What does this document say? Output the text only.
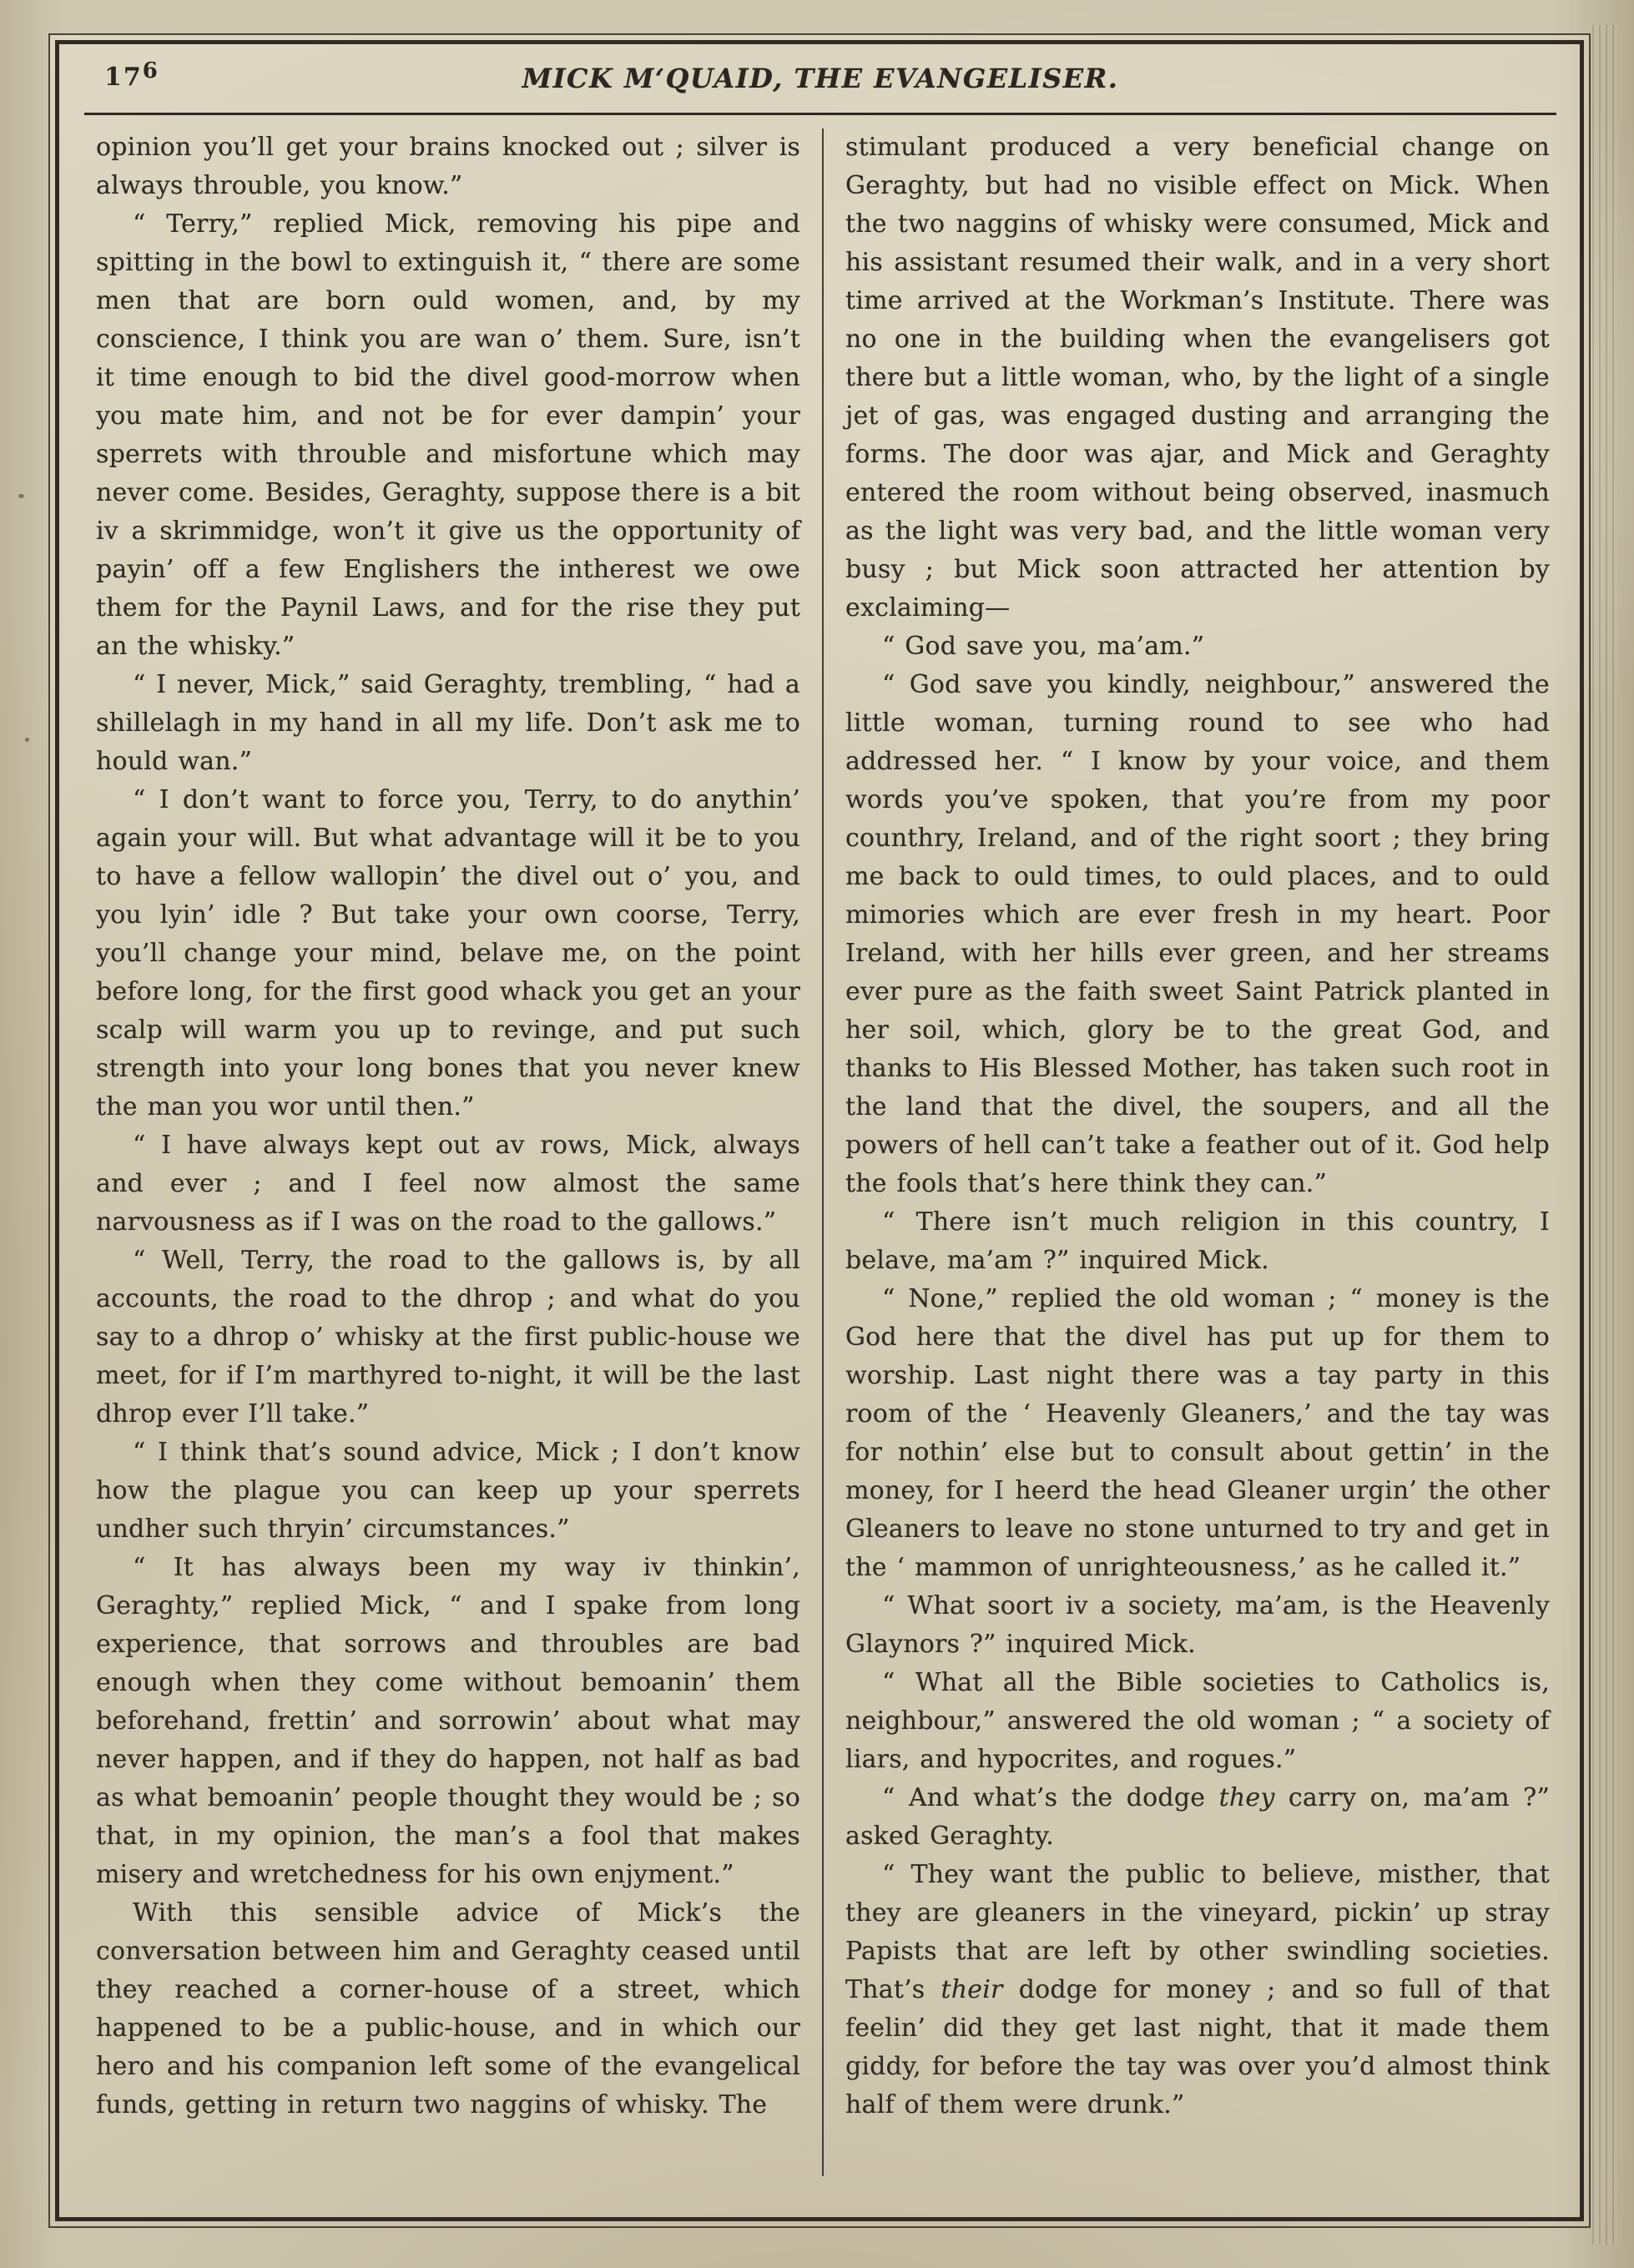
176	MICK M‘QUAID, THE EVANGELISER.

opinion you’ll get your brains knocked out ; silver is always throuble, you know.”

“ Terry,” replied Mick, removing his pipe and spitting in the bowl to extinguish it, “ there are some men that are born ould women, and, by my conscience, I think you are wan o’ them. Sure, isn’t it time enough to bid the divel good-morrow when you mate him, and not be for ever dampin’ your sperrets with throuble and misfortune which may never come. Besides, Geraghty, suppose there is a bit iv a skrimmidge, won’t it give us the opportunity of payin’ off a few Englishers the intherest we owe them for the Paynil Laws, and for the rise they put an the whisky.”

“ I never, Mick,” said Geraghty, trembling, “ had a shillelagh in my hand in all my life. Don’t ask me to hould wan.”

“ I don’t want to force you, Terry, to do anythin’ again your will. But what advantage will it be to you to have a fellow wallopin’ the divel out o’ you, and you lyin’ idle ? But take your own coorse, Terry, you’ll change your mind, belave me, on the point before long, for the first good whack you get an your scalp will warm you up to revinge, and put such strength into your long bones that you never knew the man you wor until then.”

“ I have always kept out av rows, Mick, always and ever ; and I feel now almost the same narvousness as if I was on the road to the gallows.”

“ Well, Terry, the road to the gallows is, by all accounts, the road to the dhrop ; and what do you say to a dhrop o’ whisky at the first public-house we meet, for if I’m marthyred to-night, it will be the last dhrop ever I’ll take.”

“ I think that’s sound advice, Mick ; I don’t know how the plague you can keep up your sperrets undher such thryin’ circumstances.”

“ It has always been my way iv thinkin’, Geraghty,” replied Mick, “ and I spake from long experience, that sorrows and throubles are bad enough when they come without bemoanin’ them beforehand, frettin’ and sorrowin’ about what may never happen, and if they do happen, not half as bad as what bemoanin’ people thought they would be ; so that, in my opinion, the man’s a fool that makes misery and wretchedness for his own enjyment.”

With this sensible advice of Mick’s the conversation between him and Geraghty ceased until they reached a corner-house of a street, which happened to be a public-house, and in which our hero and his companion left some of the evangelical funds, getting in return two naggins of whisky. The

stimulant produced a very beneficial change on Geraghty, but had no visible effect on Mick. When the two naggins of whisky were consumed, Mick and his assistant resumed their walk, and in a very short time arrived at the Workman’s Institute. There was no one in the building when the evangelisers got there but a little woman, who, by the light of a single jet of gas, was engaged dusting and arranging the forms. The door was ajar, and Mick and Geraghty entered the room without being observed, inasmuch as the light was very bad, and the little woman very busy ; but Mick soon attracted her attention by exclaiming—

“ God save you, ma’am.”

“ God save you kindly, neighbour,” answered the little woman, turning round to see who had addressed her. “ I know by your voice, and them words you’ve spoken, that you’re from my poor counthry, Ireland, and of the right soort ; they bring me back to ould times, to ould places, and to ould mimories which are ever fresh in my heart. Poor Ireland, with her hills ever green, and her streams ever pure as the faith sweet Saint Patrick planted in her soil, which, glory be to the great God, and thanks to His Blessed Mother, has taken such root in the land that the divel, the soupers, and all the powers of hell can’t take a feather out of it. God help the fools that’s here think they can.”

“ There isn’t much religion in this country, I belave, ma’am ?” inquired Mick.

“ None,” replied the old woman ; “ money is the God here that the divel has put up for them to worship. Last night there was a tay party in this room of the ‘ Heavenly Gleaners,’ and the tay was for nothin’ else but to consult about gettin’ in the money, for I heerd the head Gleaner urgin’ the other Gleaners to leave no stone unturned to try and get in the ‘ mammon of unrighteousness,’ as he called it.”

“ What soort iv a society, ma’am, is the Heavenly Glaynors ?” inquired Mick.

“ What all the Bible societies to Catholics is, neighbour,” answered the old woman ; “ a society of liars, and hypocrites, and rogues.”

“ And what’s the dodge they carry on, ma’am ?” asked Geraghty.

“ They want the public to believe, misther, that they are gleaners in the vineyard, pickin’ up stray Papists that are left by other swindling societies. That’s their dodge for money ; and so full of that feelin’ did they get last night, that it made them giddy, for before the tay was over you’d almost think half of them were drunk.”
